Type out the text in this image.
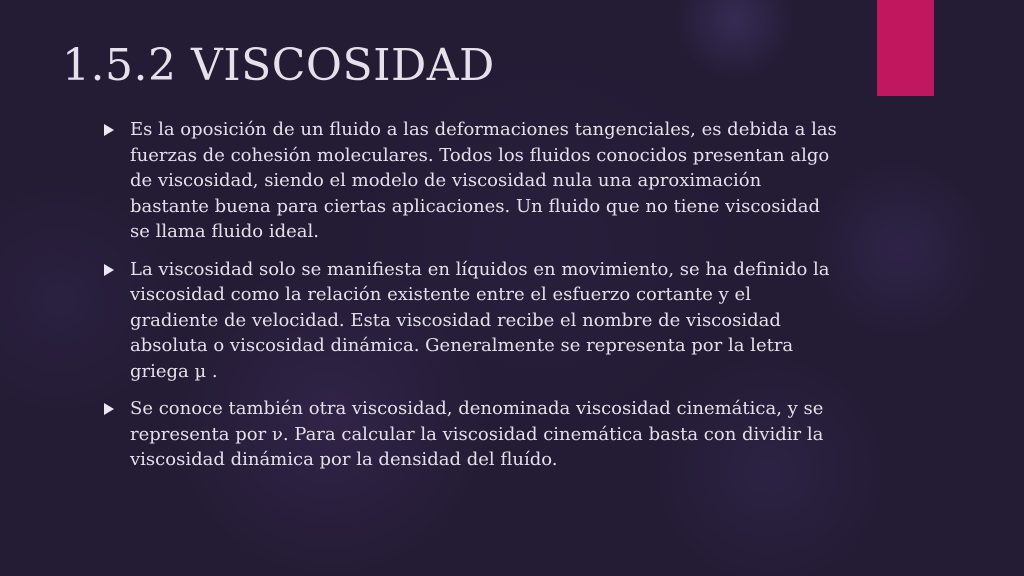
1.5.2 VISCOSIDAD
Es la oposición de un fluido a las deformaciones tangenciales, es debida a las fuerzas de cohesión moleculares. Todos los fluidos conocidos presentan algo de viscosidad, siendo el modelo de viscosidad nula una aproximación bastante buena para ciertas aplicaciones. Un fluido que no tiene viscosidad se llama fluido ideal.
La viscosidad solo se manifiesta en líquidos en movimiento, se ha definido la viscosidad como la relación existente entre el esfuerzo cortante y el gradiente de velocidad. Esta viscosidad recibe el nombre de viscosidad absoluta o viscosidad dinámica. Generalmente se representa por la letra griega µ .
Se conoce también otra viscosidad, denominada viscosidad cinemática, y se representa por ν. Para calcular la viscosidad cinemática basta con dividir la viscosidad dinámica por la densidad del fluído.
